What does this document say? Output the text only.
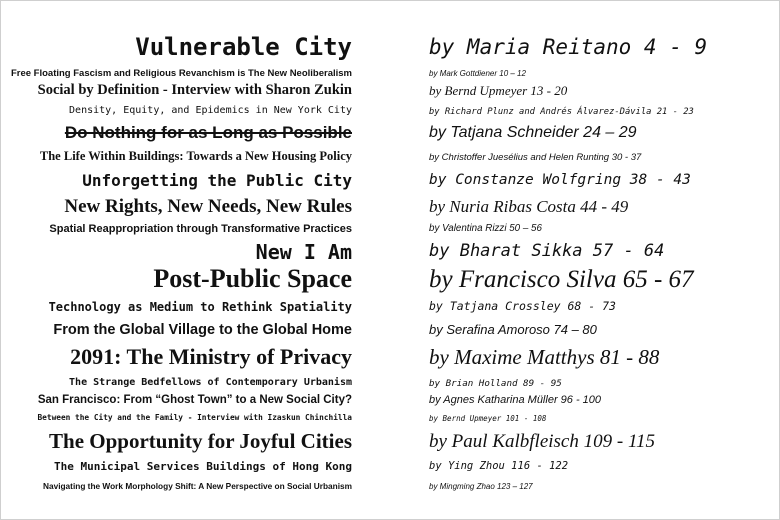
Vulnerable City
Free Floating Fascism and Religious Revanchism is The New Neoliberalism
Social by Definition - Interview with Sharon Zukin
Density, Equity, and Epidemics in New York City
Do Nothing for as Long as Possible
The Life Within Buildings: Towards a New Housing Policy
Unforgetting the Public City
New Rights, New Needs, New Rules
Spatial Reappropriation through Transformative Practices
New I Am
Post-Public Space
Technology as Medium to Rethink Spatiality
From the Global Village to the Global Home
2091: The Ministry of Privacy
The Strange Bedfellows of Contemporary Urbanism
San Francisco: From “Ghost Town” to a New Social City?
Between the City and the Family - Interview with Izaskun Chinchilla
The Opportunity for Joyful Cities
The Municipal Services Buildings of Hong Kong
Navigating the Work Morphology Shift: A New Perspective on Social Urbanism
by Maria Reitano 4 - 9
by Mark Gottdiener 10 – 12
by Bernd Upmeyer 13 - 20
by Richard Plunz and Andrés Álvarez-Dávila 21 - 23
by Tatjana Schneider 24 – 29
by Christoffer Juesélius and Helen Runting 30 - 37
by Constanze Wolfgring 38 - 43
by Nuria Ribas Costa 44 - 49
by Valentina Rizzi 50 – 56
by Bharat Sikka 57 - 64
by Francisco Silva 65 - 67
by Tatjana Crossley 68 - 73
by Serafina Amoroso 74 – 80
by Maxime Matthys 81 - 88
by Brian Holland 89 - 95
by Agnes Katharina Müller 96 - 100
by Bernd Upmeyer 101 - 108
by Paul Kalbfleisch 109 - 115
by Ying Zhou 116 - 122
by Mingming Zhao 123 – 127
